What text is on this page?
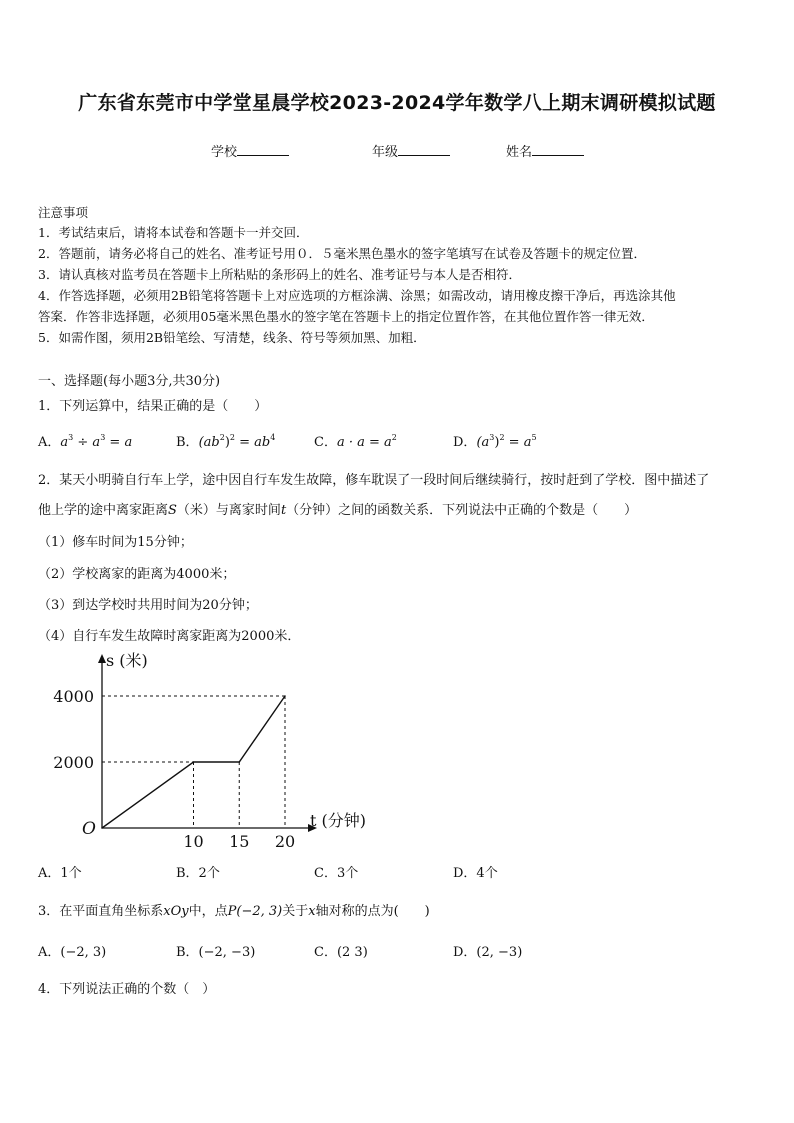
广东省东莞市中学堂星晨学校2023-2024学年数学八上期末调研模拟试题
学校	年级	姓名
注意事项
1．考试结束后，请将本试卷和答题卡一并交回．
2．答题前，请务必将自己的姓名、准考证号用０．５毫米黑色墨水的签字笔填写在试卷及答题卡的规定位置．
3．请认真核对监考员在答题卡上所粘贴的条形码上的姓名、准考证号与本人是否相符．
4．作答选择题，必须用2B铅笔将答题卡上对应选项的方框涂满、涂黑；如需改动，请用橡皮擦干净后，再选涂其他
答案．作答非选择题，必须用05毫米黑色墨水的签字笔在答题卡上的指定位置作答，在其他位置作答一律无效．
5．如需作图，须用2B铅笔绘、写清楚，线条、符号等须加黑、加粗．
一、选择题(每小题3分,共30分)
1．下列运算中，结果正确的是（　　）
A．$a^3 \div a^3 = a$	B．$(ab^2)^2 = ab^4$	C．$a \cdot a = a^2$	D．$(a^3)^2 = a^5$
2．某天小明骑自行车上学，途中因自行车发生故障，修车耽误了一段时间后继续骑行，按时赶到了学校．图中描述了
他上学的途中离家距离S（米）与离家时间t（分钟）之间的函数关系．下列说法中正确的个数是（　　）
（1）修车时间为15分钟；
（2）学校离家的距离为4000米；
（3）到达学校时共用时间为20分钟；
（4）自行车发生故障时离家距离为2000米．
10 15 20
2000
4000
O	t (分钟)
s (米)
A．1个	B．2个	C．3个	D．4个
3．在平面直角坐标系xOy中，点P(−2, 3)关于x轴对称的点为(　　)
A．(−2, 3)	B．(−2, −3)	C．(2 3)	D．(2, −3)
4．下列说法正确的个数（　）
